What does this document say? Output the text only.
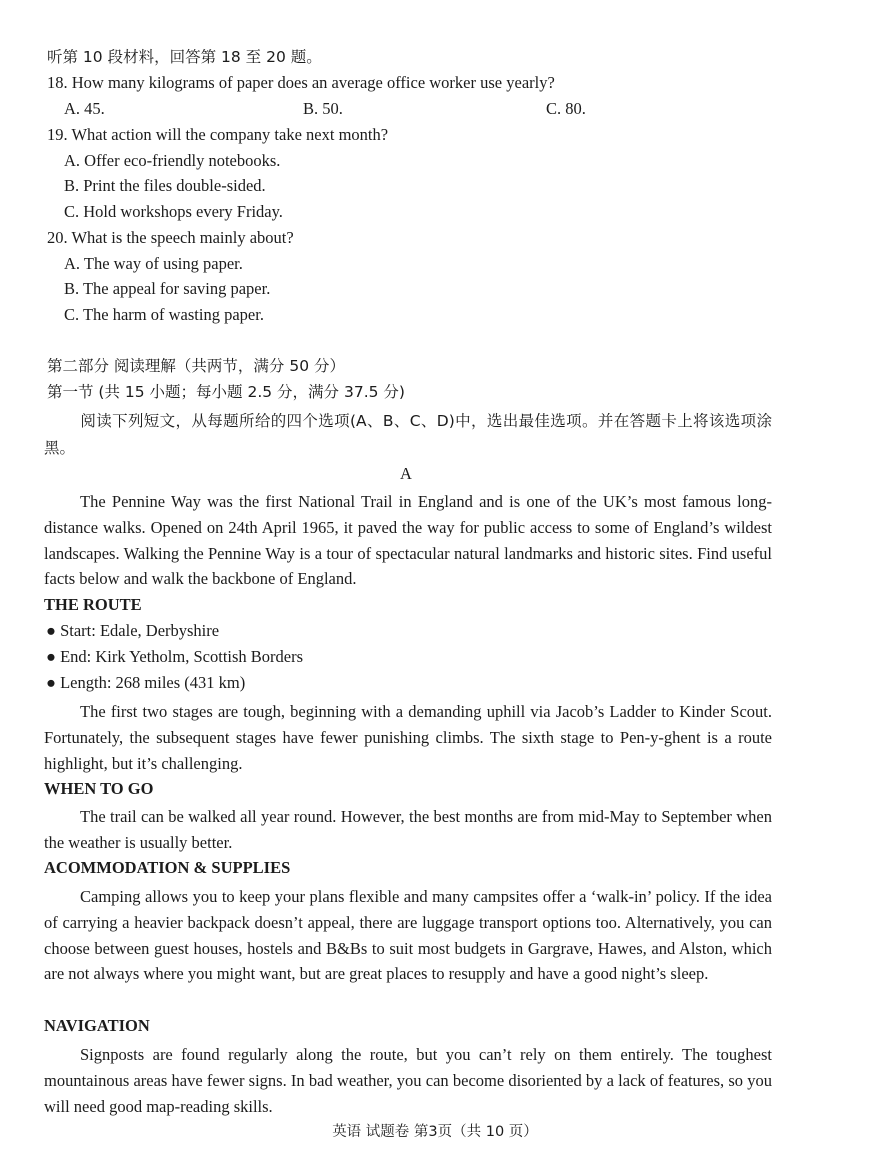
听第 10 段材料，回答第 18 至 20 题。
18. How many kilograms of paper does an average office worker use yearly?
A. 45.	B. 50.	C. 80.
19. What action will the company take next month?
A. Offer eco-friendly notebooks.
B. Print the files double-sided.
C. Hold workshops every Friday.
20. What is the speech mainly about?
A. The way of using paper.
B. The appeal for saving paper.
C. The harm of wasting paper.
第二部分 阅读理解（共两节，满分 50 分）
第一节 (共 15 小题；每小题 2.5 分，满分 37.5 分)
阅读下列短文，从每题所给的四个选项(A、B、C、D)中，选出最佳选项。并在答题卡上将该选项涂黑。
A
The Pennine Way was the first National Trail in England and is one of the UK’s most famous long-distance walks. Opened on 24th April 1965, it paved the way for public access to some of England’s wildest landscapes. Walking the Pennine Way is a tour of spectacular natural landmarks and historic sites. Find useful facts below and walk the backbone of England.
THE ROUTE
● Start: Edale, Derbyshire
● End: Kirk Yetholm, Scottish Borders
● Length: 268 miles (431 km)
The first two stages are tough, beginning with a demanding uphill via Jacob’s Ladder to Kinder Scout. Fortunately, the subsequent stages have fewer punishing climbs. The sixth stage to Pen-y-ghent is a route highlight, but it’s challenging.
WHEN TO GO
The trail can be walked all year round. However, the best months are from mid-May to September when the weather is usually better.
ACOMMODATION & SUPPLIES
Camping allows you to keep your plans flexible and many campsites offer a ‘walk-in’ policy. If the idea of carrying a heavier backpack doesn’t appeal, there are luggage transport options too. Alternatively, you can choose between guest houses, hostels and B&Bs to suit most budgets in Gargrave, Hawes, and Alston, which are not always where you might want, but are great places to resupply and have a good night’s sleep.
NAVIGATION
Signposts are found regularly along the route, but you can’t rely on them entirely. The toughest mountainous areas have fewer signs. In bad weather, you can become disoriented by a lack of features, so you will need good map-reading skills.
英语 试题卷 第3页（共 10 页）
